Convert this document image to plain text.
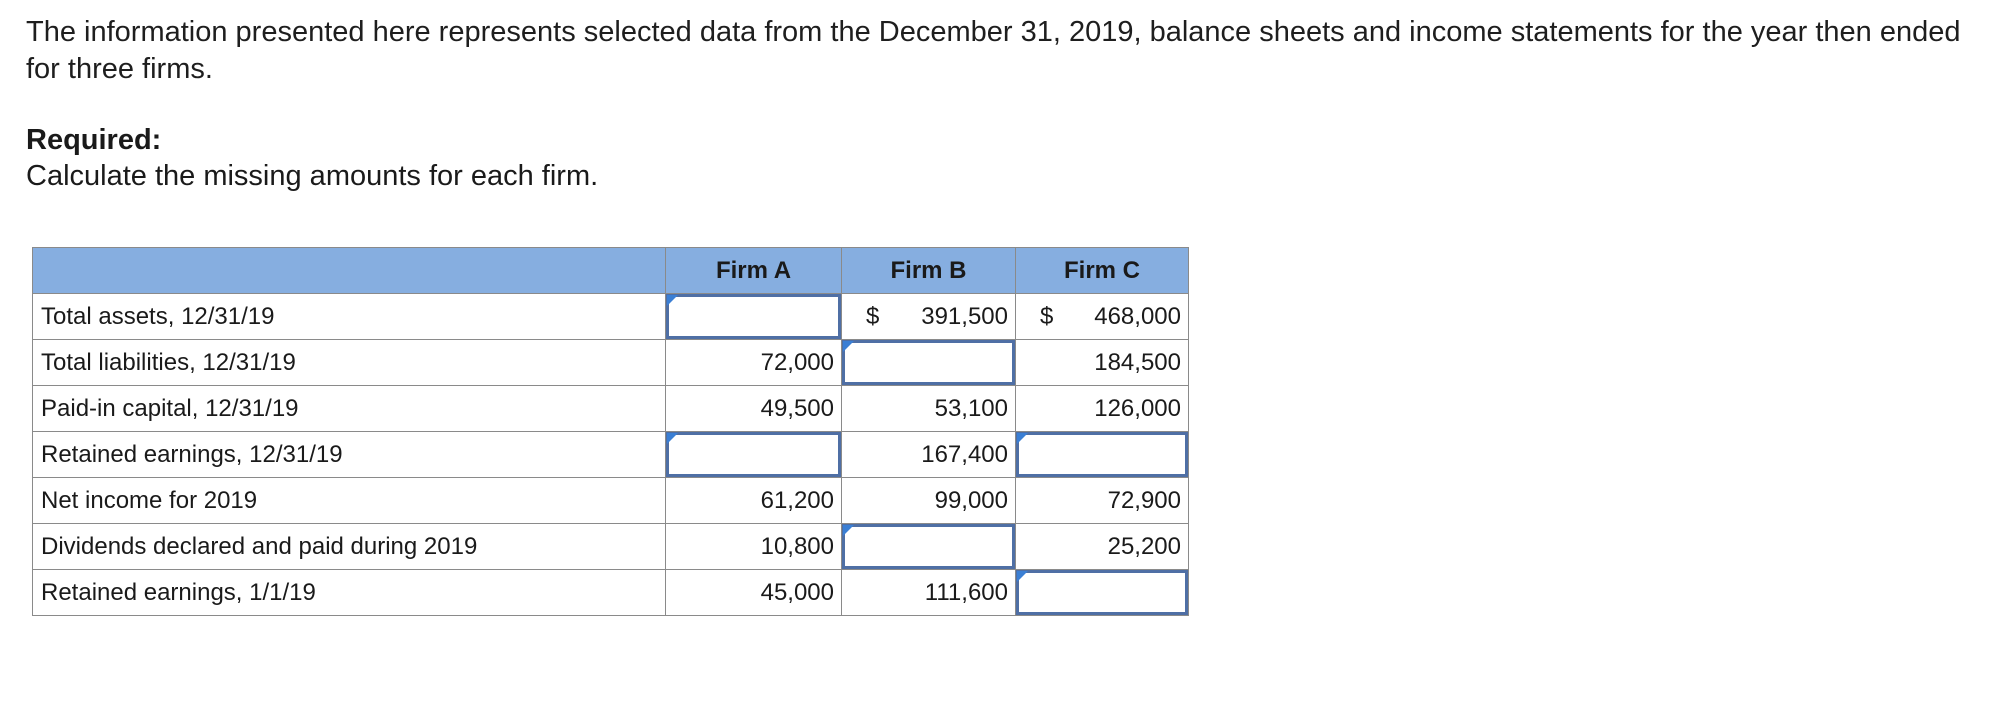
The information presented here represents selected data from the December 31, 2019, balance sheets and income statements for the year then ended for three firms.
Required:
Calculate the missing amounts for each firm.
	Firm A	Firm B	Firm C
Total assets, 12/31/19		$ 391,500	$ 468,000
Total liabilities, 12/31/19	72,000		184,500
Paid-in capital, 12/31/19	49,500	53,100	126,000
Retained earnings, 12/31/19		167,400	

Net income for 2019	61,200	99,000	72,900
Dividends declared and paid during 2019	10,800		25,200
Retained earnings, 1/1/19	45,000	111,600	
